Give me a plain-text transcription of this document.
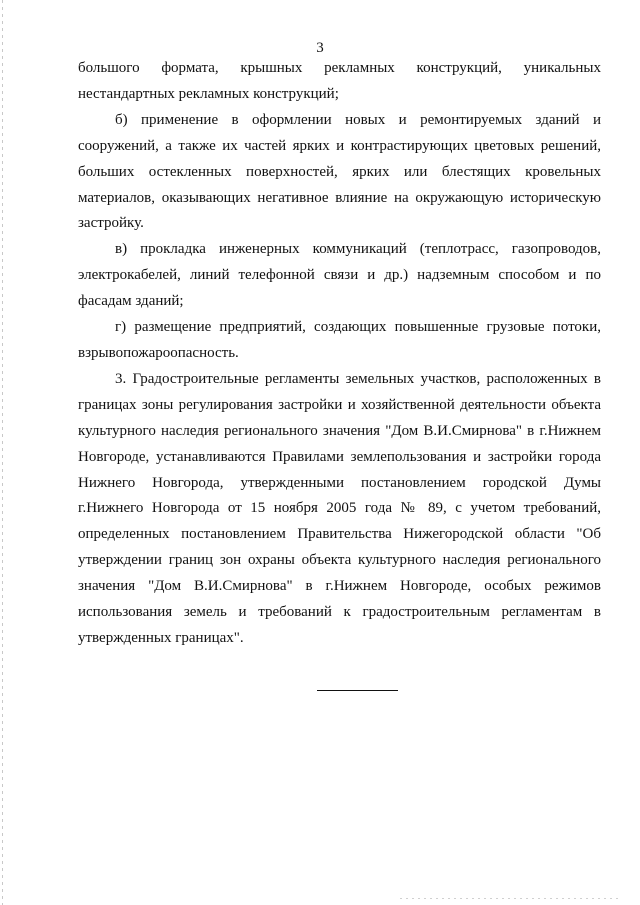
3

большого формата, крышных рекламных конструкций, уникальных нестандартных рекламных конструкций;

б) применение в оформлении новых и ремонтируемых зданий и сооружений, а также их частей ярких и контрастирующих цветовых решений, больших остекленных поверхностей, ярких или блестящих кровельных материалов, оказывающих негативное влияние на окружающую историческую застройку.

в) прокладка инженерных коммуникаций (теплотрасс, газопроводов, электрокабелей, линий телефонной связи и др.) надземным способом и по фасадам зданий;

г) размещение предприятий, создающих повышенные грузовые потоки, взрывопожароопасность.

3. Градостроительные регламенты земельных участков, расположенных в границах зоны регулирования застройки и хозяйственной деятельности объекта культурного наследия регионального значения "Дом В.И.Смирнова" в г.Нижнем Новгороде, устанавливаются Правилами землепользования и застройки города Нижнего Новгорода, утвержденными постановлением городской Думы г.Нижнего Новгорода от 15 ноября 2005 года № 89, с учетом требований, определенных постановлением Правительства Нижегородской области "Об утверждении границ зон охраны объекта культурного наследия регионального значения "Дом В.И.Смирнова" в г.Нижнем Новгороде, особых режимов использования земель и требований к градостроительным регламентам в утвержденных границах".
